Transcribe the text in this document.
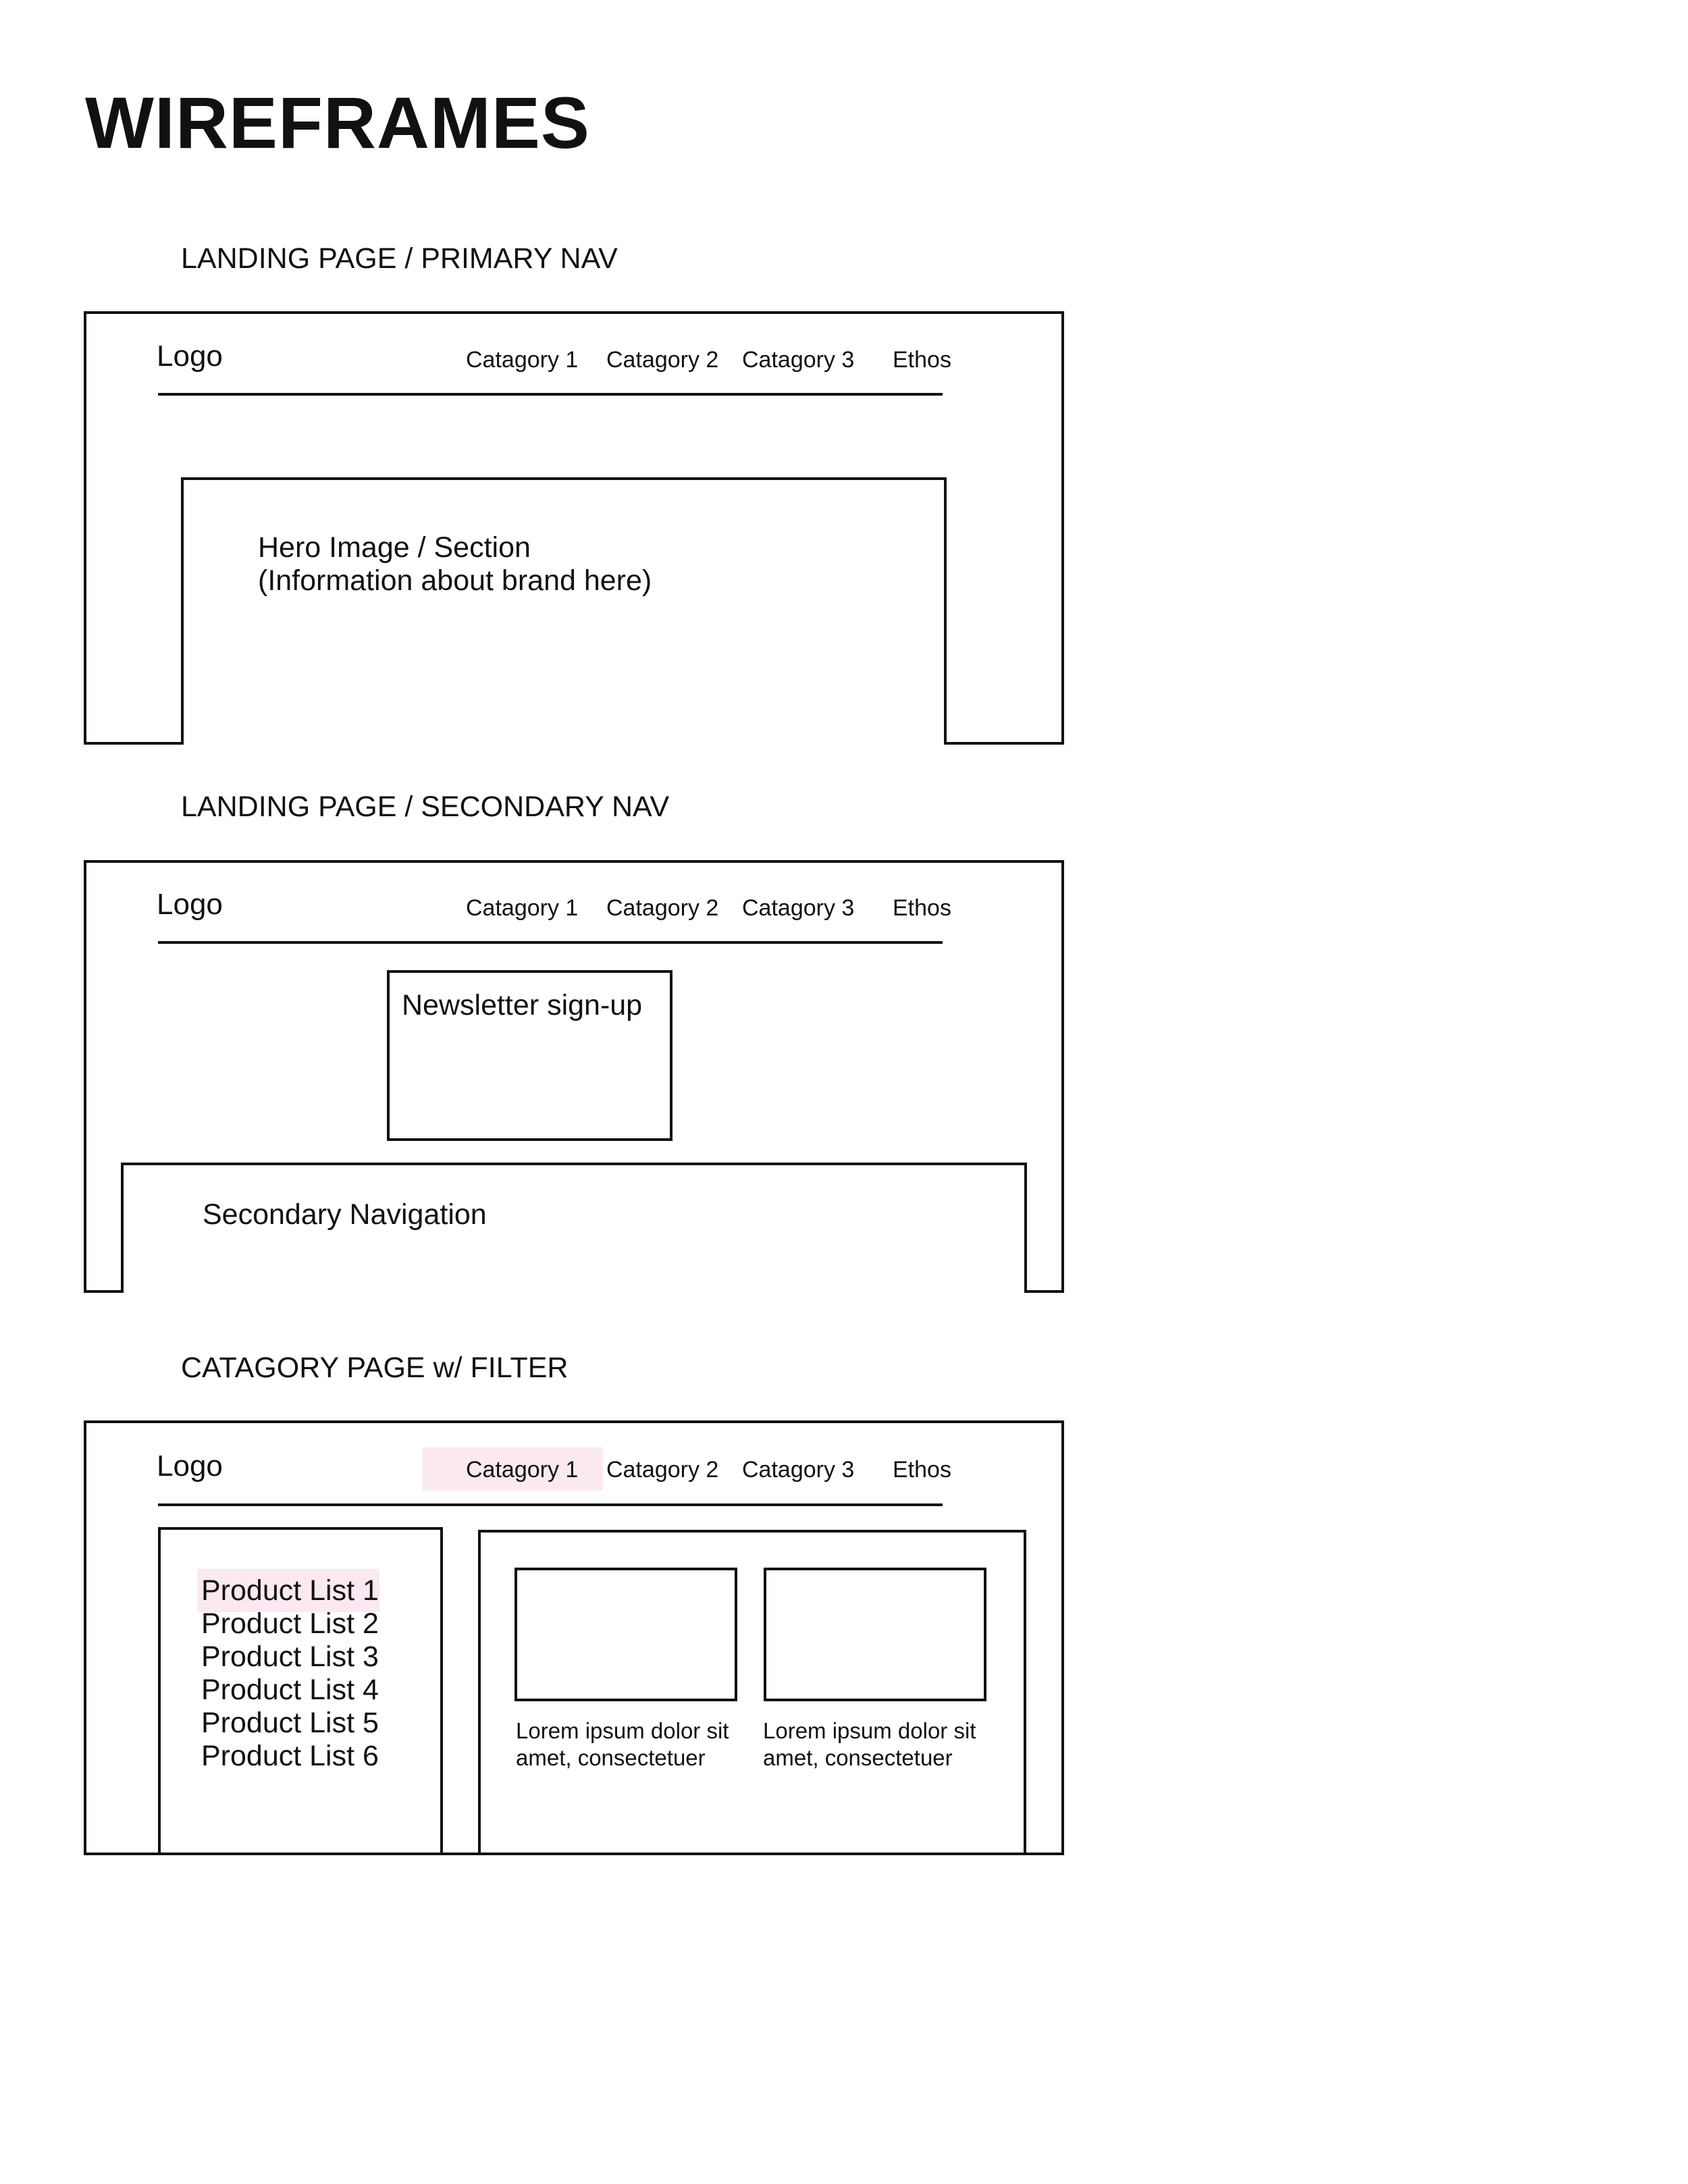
WIREFRAMES
LANDING PAGE / PRIMARY NAV
Logo	Catagory 1 Catagory 2 Catagory 3 Ethos
Hero Image / Section
(Information about brand here)
LANDING PAGE / SECONDARY NAV
Logo	Catagory 1 Catagory 2 Catagory 3 Ethos
Newsletter sign-up
Secondary Navigation
CATAGORY PAGE w/ FILTER
Logo	Catagory 1 Catagory 2 Catagory 3 Ethos
Product List 1
Product List 2
Product List 3
Product List 4
Product List 5
Product List 6
Lorem ipsum dolor sit
amet, consectetuer
Lorem ipsum dolor sit
amet, consectetuer
